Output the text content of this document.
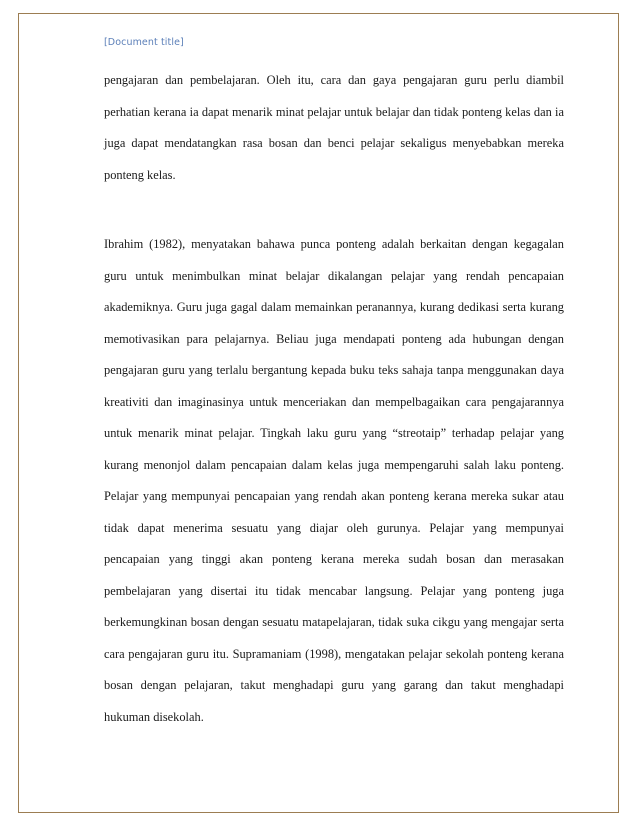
[Document title]

pengajaran dan pembelajaran. Oleh itu, cara dan gaya pengajaran guru perlu diambil perhatian kerana ia dapat menarik minat pelajar untuk belajar dan tidak ponteng kelas dan ia juga dapat mendatangkan rasa bosan dan benci pelajar sekaligus menyebabkan mereka ponteng kelas.

Ibrahim (1982), menyatakan bahawa punca ponteng adalah berkaitan dengan kegagalan guru untuk menimbulkan minat belajar dikalangan pelajar yang rendah pencapaian akademiknya. Guru juga gagal dalam memainkan peranannya, kurang dedikasi serta kurang memotivasikan para pelajarnya. Beliau juga mendapati ponteng ada hubungan dengan pengajaran guru yang terlalu bergantung kepada buku teks sahaja tanpa menggunakan daya kreativiti dan imaginasinya untuk menceriakan dan mempelbagaikan cara pengajarannya untuk menarik minat pelajar. Tingkah laku guru yang “streotaip” terhadap pelajar yang kurang menonjol dalam pencapaian dalam kelas juga mempengaruhi salah laku ponteng. Pelajar yang mempunyai pencapaian yang rendah akan ponteng kerana mereka sukar atau tidak dapat menerima sesuatu yang diajar oleh gurunya. Pelajar yang mempunyai pencapaian yang tinggi akan ponteng kerana mereka sudah bosan dan merasakan pembelajaran yang disertai itu tidak mencabar langsung. Pelajar yang ponteng juga berkemungkinan bosan dengan sesuatu matapelajaran, tidak suka cikgu yang mengajar serta cara pengajaran guru itu. Supramaniam (1998), mengatakan pelajar sekolah ponteng kerana bosan dengan pelajaran, takut menghadapi guru yang garang dan takut menghadapi hukuman disekolah.
